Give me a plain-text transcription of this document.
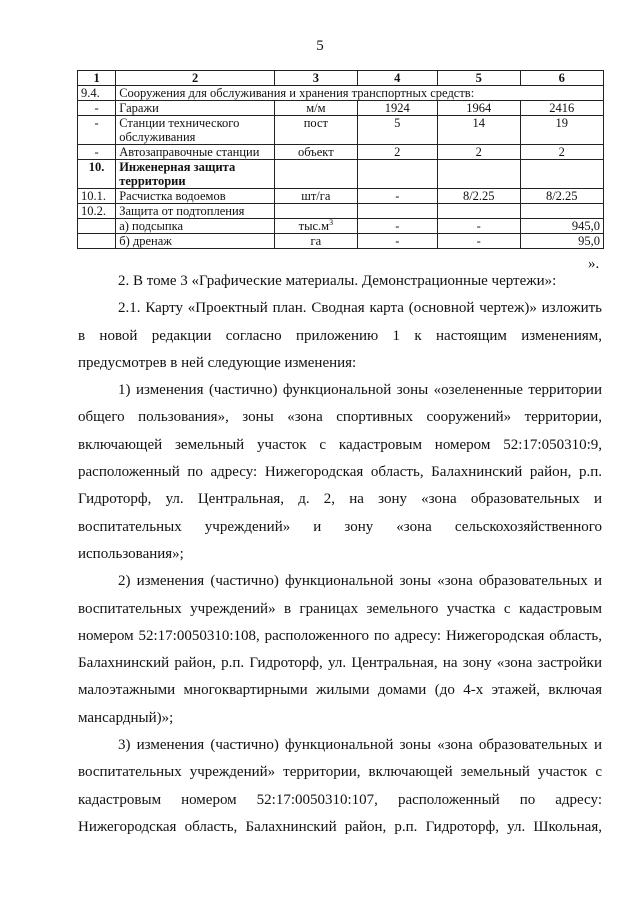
5
1	2	3	4	5	6
9.4.	Сооружения для обслуживания и хранения транспортных средств:				
-	Гаражи	м/м	1924	1964	2416
-	Станции технического обслуживания	пост	5	14	19
-	Автозаправочные станции	объект	2	2	2
10.	Инженерная защита территории				
10.1.	Расчистка водоемов	шт/га	-	8/2.25	8/2.25
10.2.	Защита от подтопления				
	а) подсыпка	$тыс.м^3$	-	-	945,0
	б) дренаж	га	-	-	95,0
».

2. В томе 3 «Графические материалы. Демонстрационные чертежи»:

2.1. Карту «Проектный план. Сводная карта (основной чертеж)» изложить в новой редакции согласно приложению 1 к настоящим изменениям, предусмотрев в ней следующие изменения:

1) изменения (частично) функциональной зоны «озелененные территории общего пользования», зоны «зона спортивных сооружений» территории, включающей земельный участок с кадастровым номером 52:17:050310:9, расположенный по адресу: Нижегородская область, Балахнинский район, р.п. Гидроторф, ул. Центральная, д. 2, на зону «зона образовательных и воспитательных учреждений» и зону «зона сельскохозяйственного

использования»;

2) изменения (частично) функциональной зоны «зона образовательных и воспитательных учреждений» в границах земельного участка с кадастровым номером 52:17:0050310:108, расположенного по адресу: Нижегородская область, Балахнинский район, р.п. Гидроторф, ул. Центральная, на зону «зона застройки малоэтажными многоквартирными жилыми домами (до 4-х этажей, включая мансардный)»;

3) изменения (частично) функциональной зоны «зона образовательных и воспитательных учреждений» территории, включающей земельный участок с кадастровым номером 52:17:0050310:107, расположенный по адресу: Нижегородская область, Балахнинский район, р.п. Гидроторф, ул. Школьная,
